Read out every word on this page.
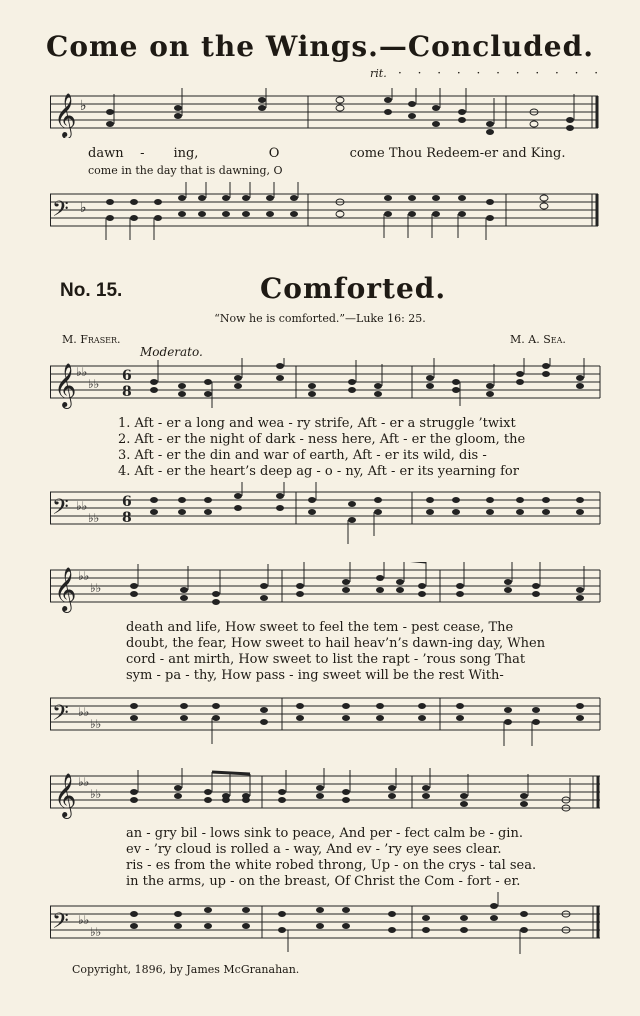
Come on the Wings.—Concluded.
rit. · · · · · · · · · · ·
𝄞 ♭
dawn - ing,	O	come Thou Redeem-er and King.
come in the day that is dawning, O
𝄢 ♭
No. 15.	Comforted.
“Now he is comforted.”—Luke 16: 25.
M. Fraser.	M. A. Sea.
Moderato.
𝄞 ♭♭
♭♭ 6
8
1. Aft - er a long and wea - ry strife, Aft - er a struggle ’twixt
2. Aft - er the night of dark - ness here, Aft - er the gloom, the
3. Aft - er the din and war of earth, Aft - er its wild, dis -
4. Aft - er the heart’s deep ag - o - ny, Aft - er its yearning for
𝄢 ♭♭
♭♭
6
8
𝄞 ♭♭
♭♭
death and life, How sweet to feel the tem - pest cease, The
doubt, the fear, How sweet to hail heav’n’s dawn-ing day, When
cord - ant mirth, How sweet to list the rapt - ’rous song That
sym - pa - thy, How pass - ing sweet will be the rest With-
𝄢 ♭♭
♭♭
𝄞 ♭♭
♭♭
an - gry bil - lows sink to peace, And per - fect calm be - gin.
ev - ’ry cloud is rolled a - way, And ev - ’ry eye sees clear.
ris - es from the white robed throng, Up - on the crys - tal sea.
in the arms, up - on the breast, Of Christ the Com - fort - er.
𝄢 ♭♭
♭♭
Copyright, 1896, by James McGranahan.
